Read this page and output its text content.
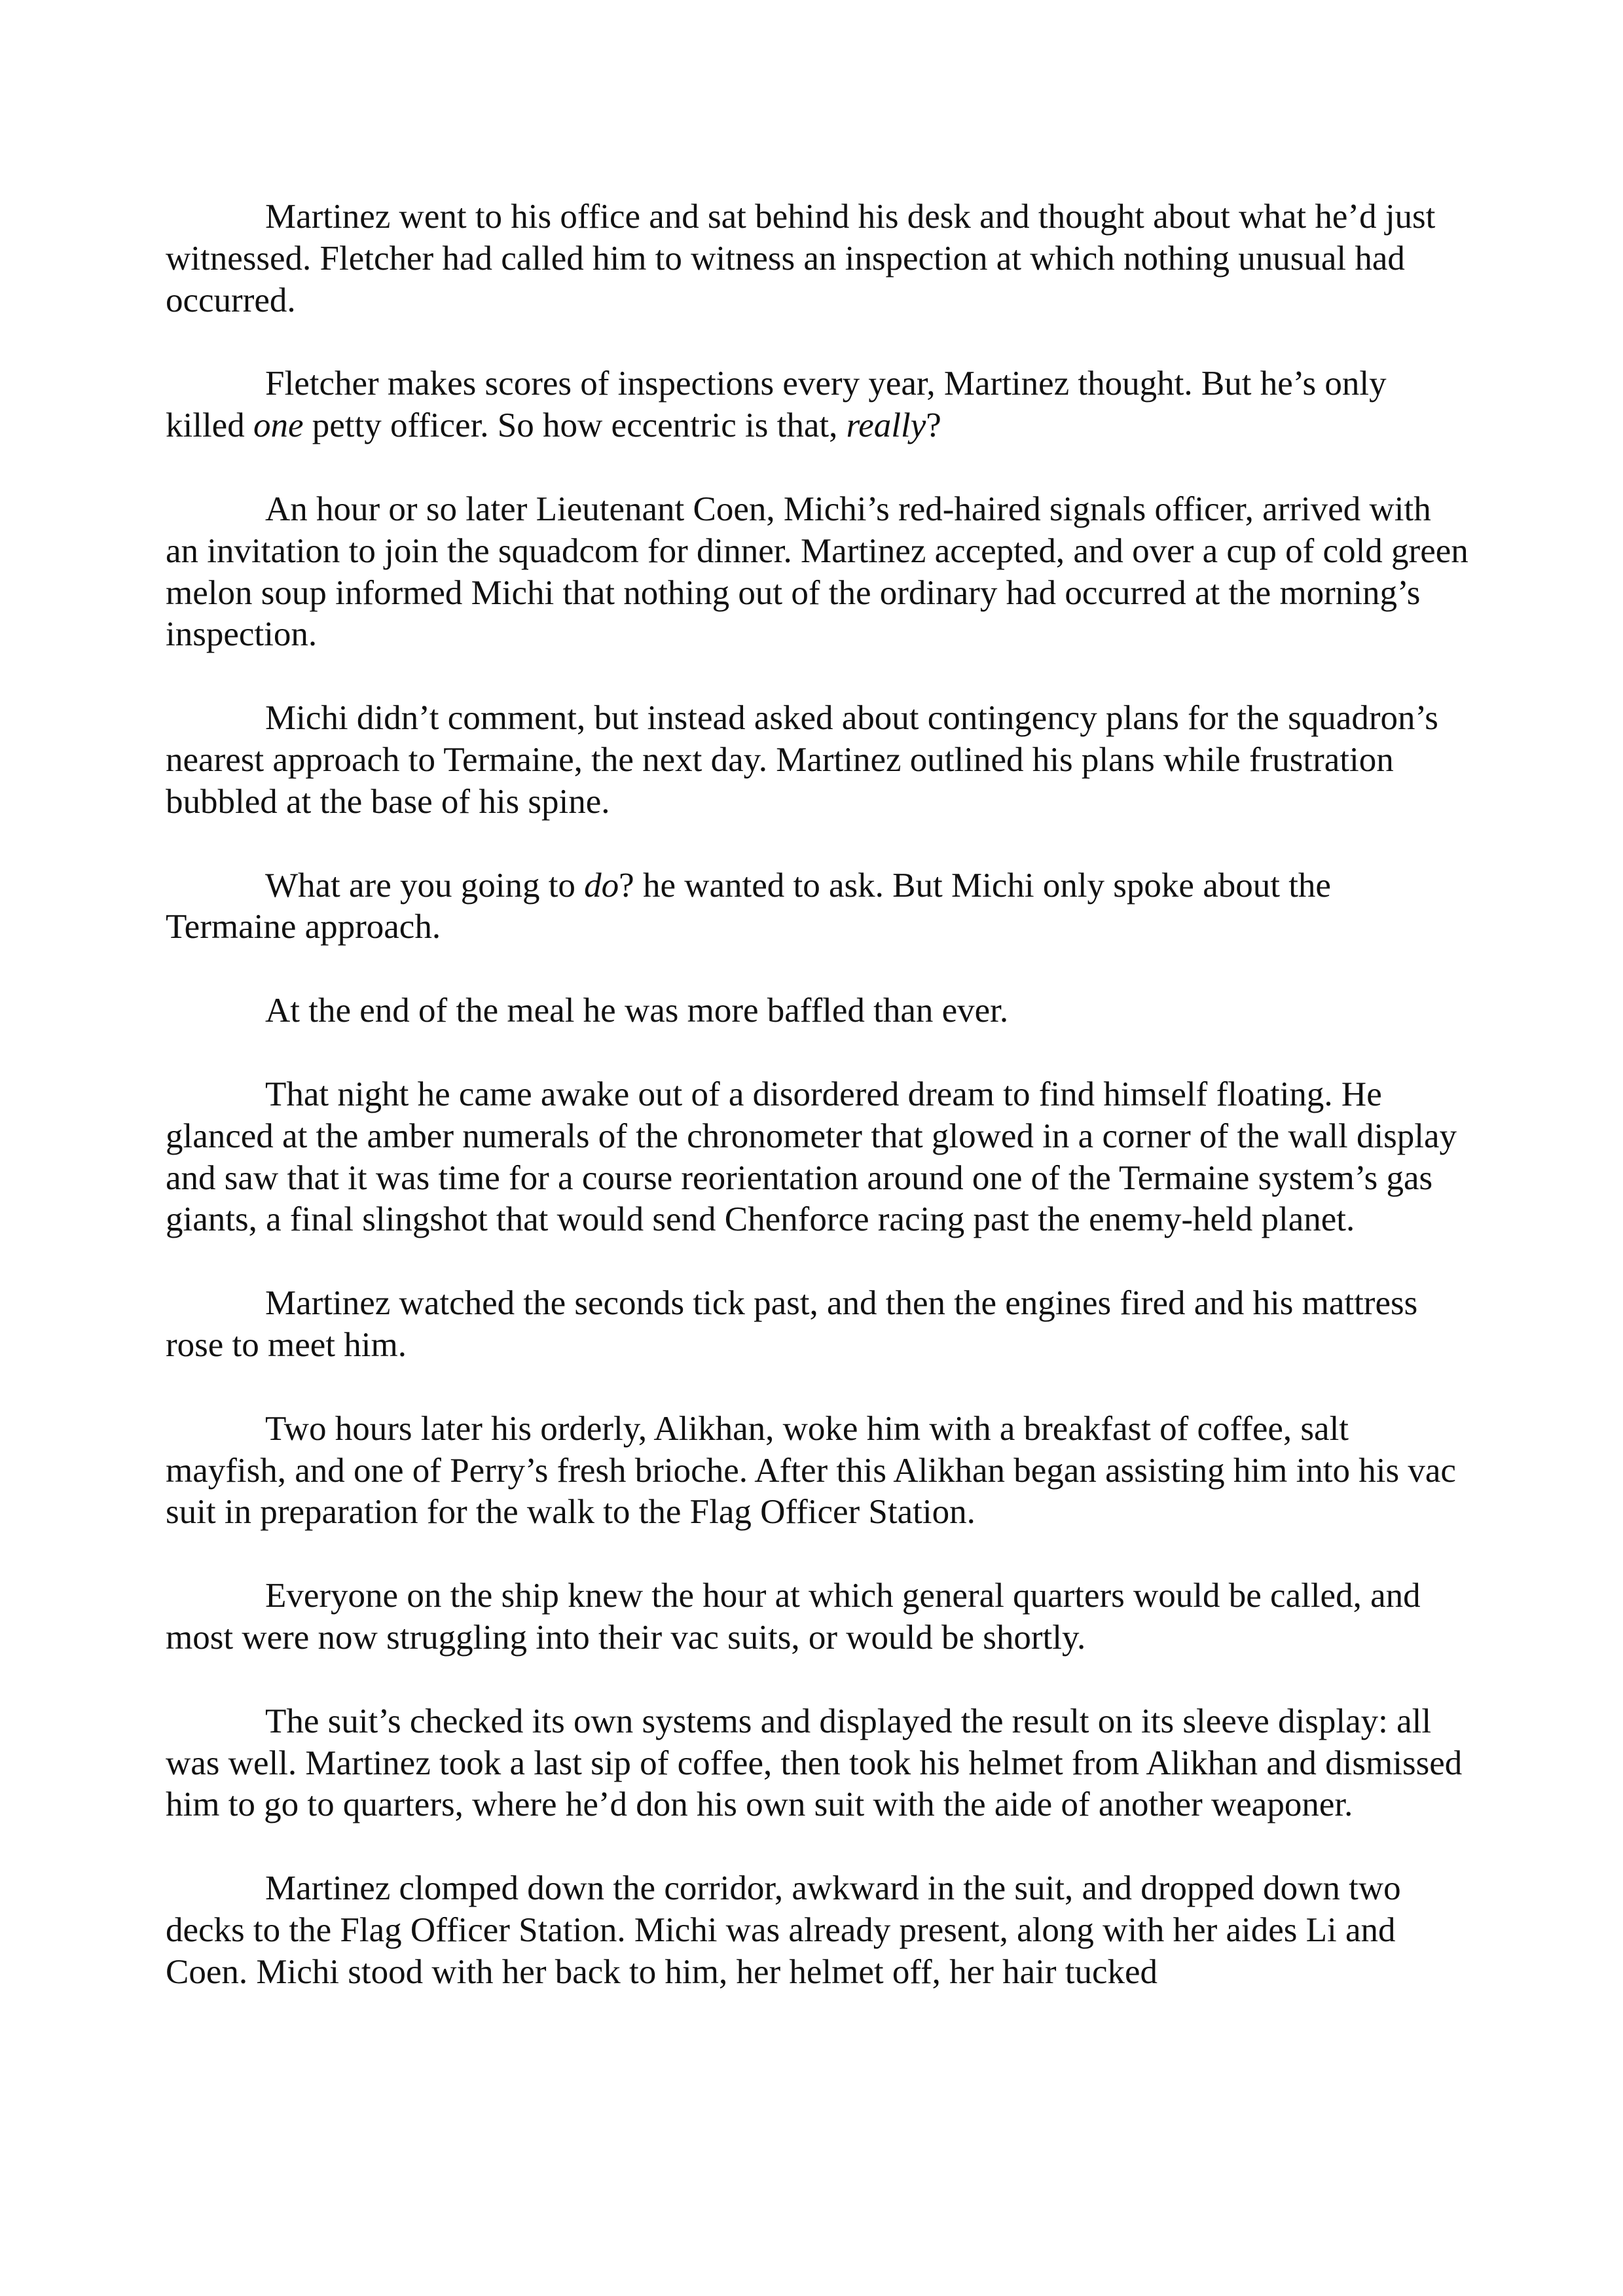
Martinez went to his office and sat behind his desk and thought about what he’d just witnessed. Fletcher had called him to witness an inspection at which nothing unusual had occurred.

Fletcher makes scores of inspections every year, Martinez thought. But he’s only killed one petty officer. So how eccentric is that, really?

An hour or so later Lieutenant Coen, Michi’s red-haired signals officer, arrived with an invitation to join the squadcom for dinner. Martinez accepted, and over a cup of cold green melon soup informed Michi that nothing out of the ordinary had occurred at the morning’s inspection.

Michi didn’t comment, but instead asked about contingency plans for the squadron’s nearest approach to Termaine, the next day. Martinez outlined his plans while frustration bubbled at the base of his spine.

What are you going to do? he wanted to ask. But Michi only spoke about the Termaine approach.

At the end of the meal he was more baffled than ever.

That night he came awake out of a disordered dream to find himself floating. He glanced at the amber numerals of the chronometer that glowed in a corner of the wall display and saw that it was time for a course reorientation around one of the Termaine system’s gas giants, a final slingshot that would send Chenforce racing past the enemy-held planet.

Martinez watched the seconds tick past, and then the engines fired and his mattress rose to meet him.

Two hours later his orderly, Alikhan, woke him with a breakfast of coffee, salt mayfish, and one of Perry’s fresh brioche. After this Alikhan began assisting him into his vac suit in preparation for the walk to the Flag Officer Station.

Everyone on the ship knew the hour at which general quarters would be called, and most were now struggling into their vac suits, or would be shortly.

The suit’s checked its own systems and displayed the result on its sleeve display: all was well. Martinez took a last sip of coffee, then took his helmet from Alikhan and dismissed him to go to quarters, where he’d don his own suit with the aide of another weaponer.

Martinez clomped down the corridor, awkward in the suit, and dropped down two decks to the Flag Officer Station. Michi was already present, along with her aides Li and Coen. Michi stood with her back to him, her helmet off, her hair tucked
